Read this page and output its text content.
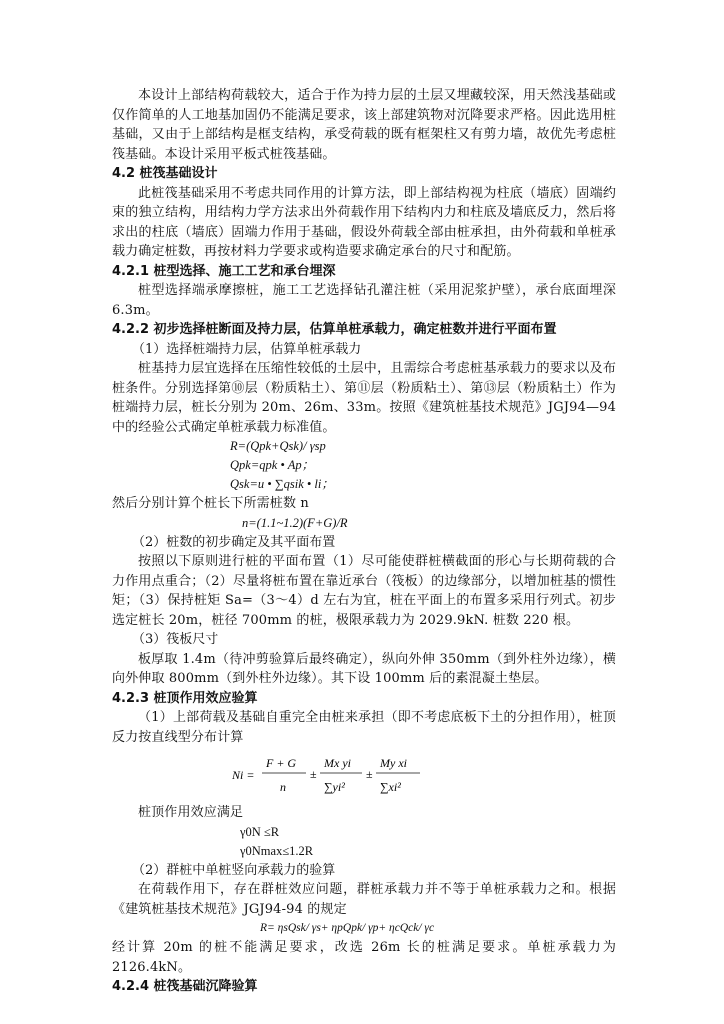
本设计上部结构荷载较大，适合于作为持力层的土层又埋藏较深，用天然浅基础或仅作简单的人工地基加固仍不能满足要求，该上部建筑物对沉降要求严格。因此选用桩基础，又由于上部结构是框支结构，承受荷载的既有框架柱又有剪力墙，故优先考虑桩筏基础。本设计采用平板式桩筏基础。

4.2 桩筏基础设计

此桩筏基础采用不考虑共同作用的计算方法，即上部结构视为柱底（墙底）固端约束的独立结构，用结构力学方法求出外荷载作用下结构内力和柱底及墙底反力，然后将求出的柱底（墙底）固端力作用于基础，假设外荷载全部由桩承担，由外荷载和单桩承载力确定桩数，再按材料力学要求或构造要求确定承台的尺寸和配筋。

4.2.1 桩型选择、施工工艺和承台埋深

桩型选择端承摩擦桩，施工工艺选择钻孔灌注桩（采用泥浆护壁），承台底面埋深 6.3m。

4.2.2 初步选择桩断面及持力层，估算单桩承载力，确定桩数并进行平面布置

（1）选择桩端持力层，估算单桩承载力

桩基持力层宜选择在压缩性较低的土层中，且需综合考虑桩基承载力的要求以及布桩条件。分别选择第⑩层（粉质粘土）、第⑪层（粉质粘土）、第⑬层（粉质粘土）作为桩端持力层，桩长分别为 20m、26m、33m。按照《建筑桩基技术规范》JGJ94—94 中的经验公式确定单桩承载力标准值。

R=(Qpk+Qsk)/ γsp

Qpk=qpk • Ap；

Qsk=u • ∑qsik • li；

然后分别计算个桩长下所需桩数 n

n=(1.1~1.2)(F+G)/R

（2）桩数的初步确定及其平面布置

按照以下原则进行桩的平面布置（1）尽可能使群桩横截面的形心与长期荷载的合力作用点重合；（2）尽量将桩布置在靠近承台（筏板）的边缘部分，以增加桩基的惯性矩；（3）保持桩矩 Sa=（3～4）d 左右为宜，桩在平面上的布置多采用行列式。初步选定桩长 20m，桩径 700mm 的桩，极限承载力为 2029.9kN. 桩数 220 根。

（3）筏板尺寸

板厚取 1.4m（待冲剪验算后最终确定），纵向外伸 350mm（到外柱外边缘），横向外伸取 800mm（到外柱外边缘）。其下设 100mm 后的素混凝土垫层。

4.2.3 桩顶作用效应验算

（1）上部荷载及基础自重完全由桩来承担（即不考虑底板下土的分担作用），桩顶反力按直线型分布计算

Ni =
F + G
n
±
Mx yi
∑yi²
±
My xi
∑xi²

桩顶作用效应满足

γ0N ≤R

γ0Nmax≤1.2R

（2）群桩中单桩竖向承载力的验算

在荷载作用下，存在群桩效应问题，群桩承载力并不等于单桩承载力之和。根据《建筑桩基技术规范》JGJ94-94 的规定

R= ηsQsk/ γs+ ηpQpk/ γp+ ηcQck/ γc

经计算 20m 的桩不能满足要求，改选 26m 长的桩满足要求。单桩承载力为 2126.4kN。

4.2.4 桩筏基础沉降验算
